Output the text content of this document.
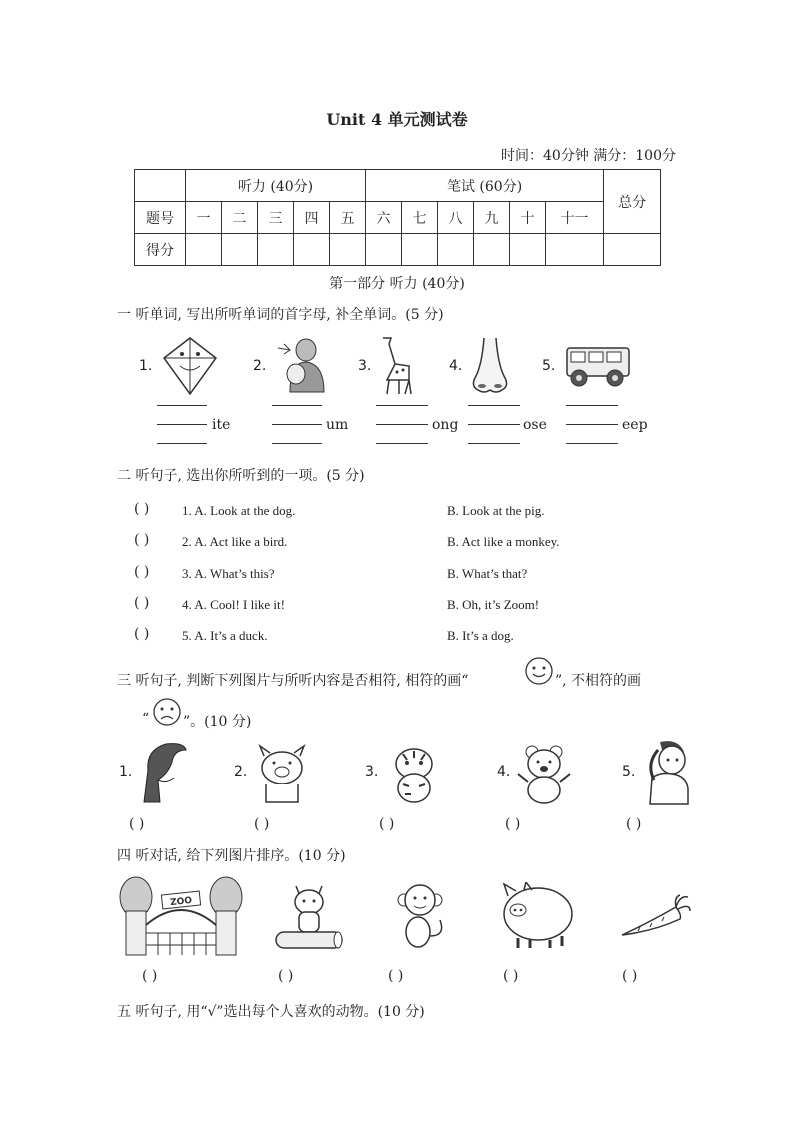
Unit 4 单元测试卷
时间：40分钟 满分：100分
	听力 (40分)					笔试 (60分)						总分
题号	一	二	三	四	五	六	七	八	九	十	十一	
得分												
第一部分 听力 (40分)
一 听单词, 写出所听单词的首字母, 补全单词。(5 分)
1.	2.	3.	4.	5.
ite	um	ong	ose	eep
二 听句子, 选出你所听到的一项。(5 分)
( )	1. A. Look at the dog.	B. Look at the pig.
( )	2. A. Act like a bird.	B. Act like a monkey.
( )	3. A. What’s this?	B. What’s that?
( )	4. A. Cool! I like it!	B. Oh, it’s Zoom!
( )	5. A. It’s a duck.	B. It’s a dog.
三 听句子, 判断下列图片与所听内容是否相符, 相符的画“	”, 不相符的画
“ ”。(10 分)
1.	2.	3.	4.	5.
( )	( )	( )	( )	( )
四 听对话, 给下列图片排序。(10 分)
ZOO
( )	( )	( )	( )	( )
五 听句子, 用“√”选出每个人喜欢的动物。(10 分)
